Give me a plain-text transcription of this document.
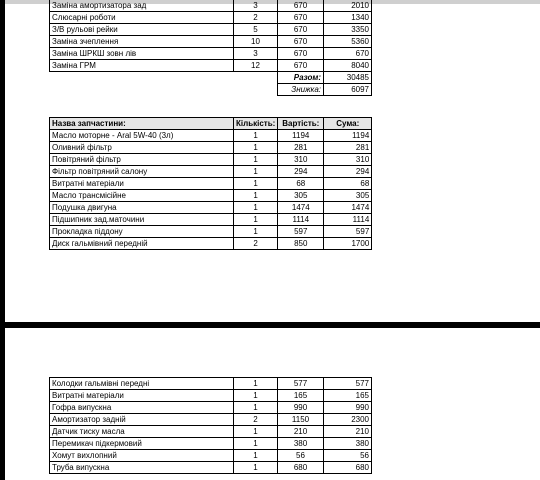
Заміна амортизатора зад	3	670	2010
Слюсарні роботи	2	670	1340
З/В рульові рейки	5	670	3350
Заміна зчеплення	10	670	5360
Заміна ШРКШ зовн лів	3	670	670
Заміна ГРМ	12	670	8040
		Разом:	30485
		Знижка:	6097
Назва запчастини:	Кількість:	Вартість:	Сума:
Масло моторне - Aral 5W-40 (3л)	1	1194	1194
Оливний фільтр	1	281	281
Повітряний фільтр	1	310	310
Фільтр повітряний салону	1	294	294
Витратні матеріали	1	68	68
Масло трансмісійне	1	305	305
Подушка двигуна	1	1474	1474
Підшипник зад.маточини	1	1114	1114
Прокладка піддону	1	597	597
Диск гальмівний передній	2	850	1700
Колодки гальмівні передні	1	577	577
Витратні матеріали	1	165	165
Гофра випускна	1	990	990
Амортизатор задній	2	1150	2300
Датчик тиску масла	1	210	210
Перемикач підкермовий	1	380	380
Хомут вихлопний	1	56	56
Труба випускна	1	680	680
